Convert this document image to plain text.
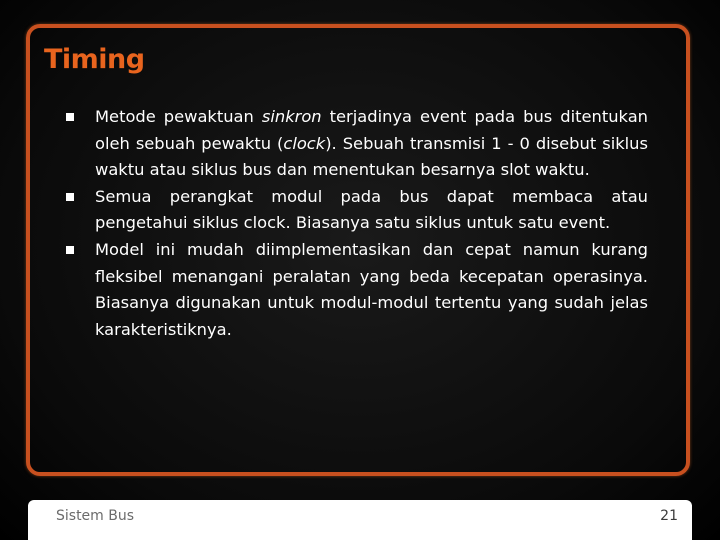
Timing
Metode pewaktuan sinkron terjadinya event pada bus ditentukan oleh sebuah pewaktu (clock). Sebuah transmisi 1 - 0 disebut siklus waktu atau siklus bus dan menentukan besarnya slot waktu.
Semua perangkat modul pada bus dapat membaca atau pengetahui siklus clock. Biasanya satu siklus untuk satu event.
Model ini mudah diimplementasikan dan cepat namun kurang fleksibel menangani peralatan yang beda kecepatan operasinya. Biasanya digunakan untuk modul-modul tertentu yang sudah jelas karakteristiknya.
Sistem Bus	21
